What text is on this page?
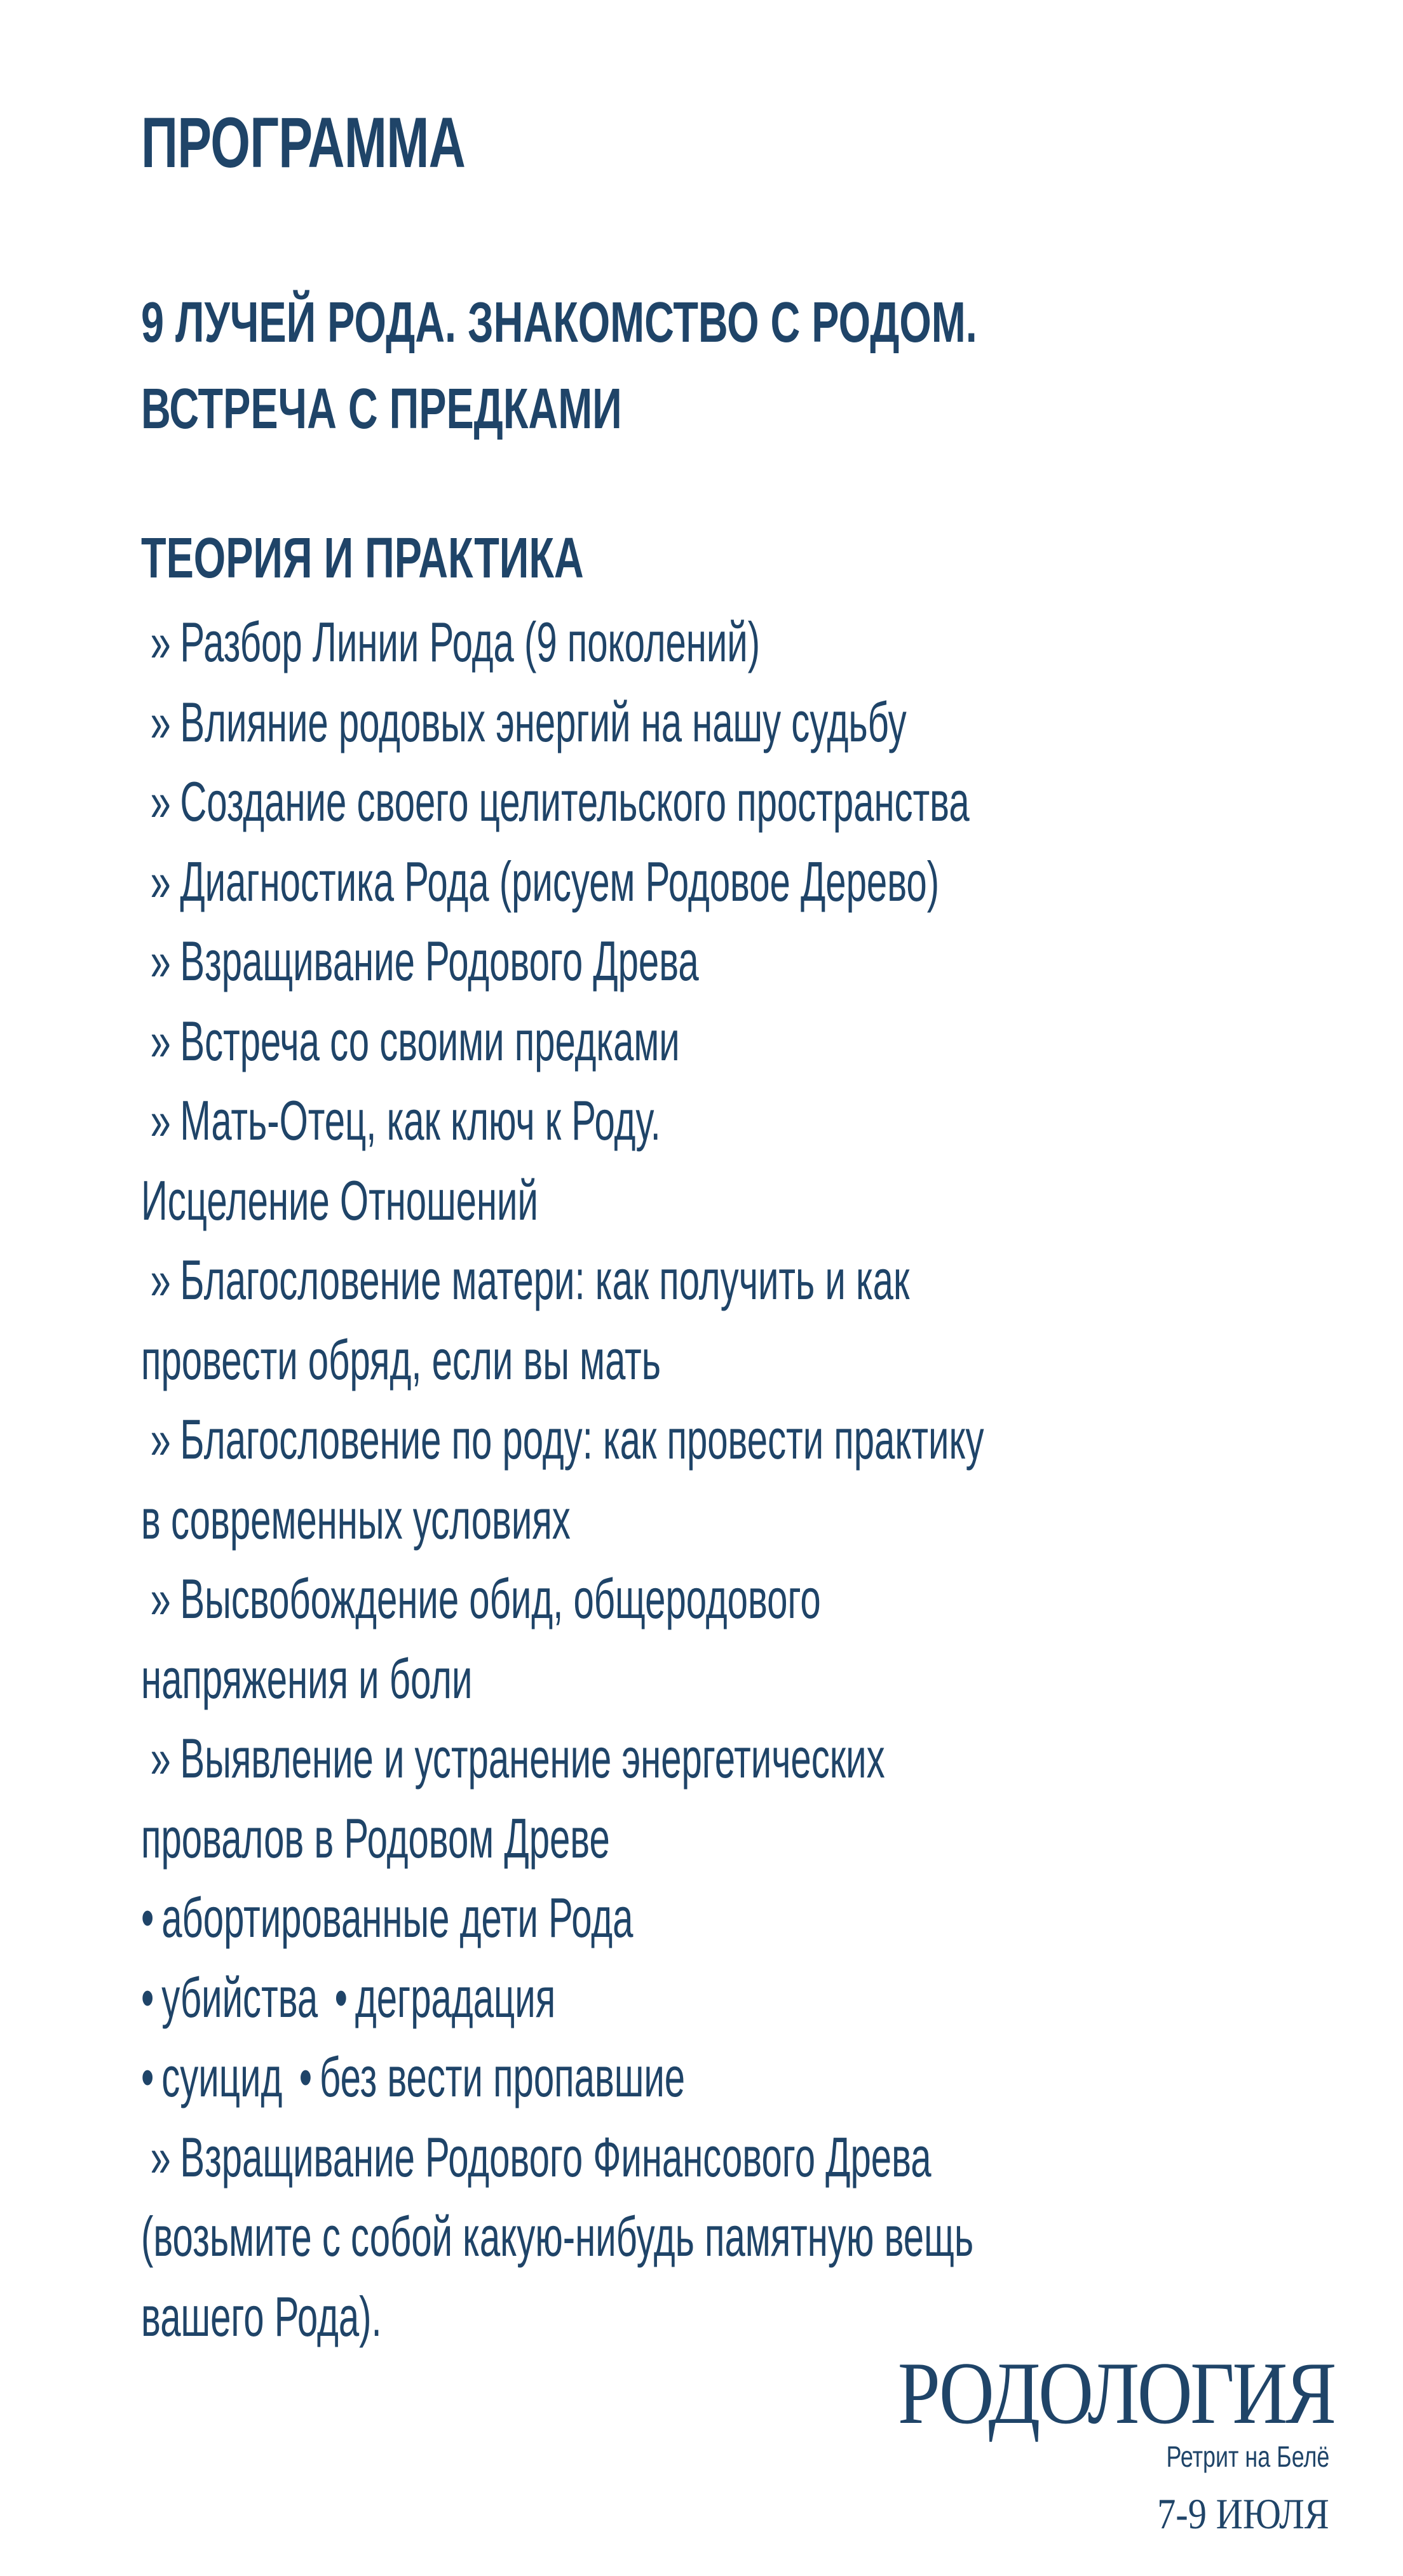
ПРОГРАММА
9 ЛУЧЕЙ РОДА. ЗНАКОМСТВО С РОДОМ.
ВСТРЕЧА С ПРЕДКАМИ
ТЕОРИЯ И ПРАКТИКА
» Разбор Линии Рода (9 поколений)
» Влияние родовых энергий на нашу судьбу
» Создание своего целительского пространства
» Диагностика Рода (рисуем Родовое Дерево)
» Взращивание Родового Древа
» Встреча со своими предками
» Мать-Отец, как ключ к Роду.
Исцеление Отношений
» Благословение матери: как получить и как
провести обряд, если вы мать
» Благословение по роду: как провести практику
в современных условиях
» Высвобождение обид, общеродового
напряжения и боли
» Выявление и устранение энергетических
провалов в Родовом Древе
• абортированные дети Рода
• убийства • деградация
• суицид • без вести пропавшие
» Взращивание Родового Финансового Древа
(возьмите с собой какую-нибудь памятную вещь
вашего Рода).
РОДОЛОГИЯ
Ретрит на Белё
7-9 ИЮЛЯ
